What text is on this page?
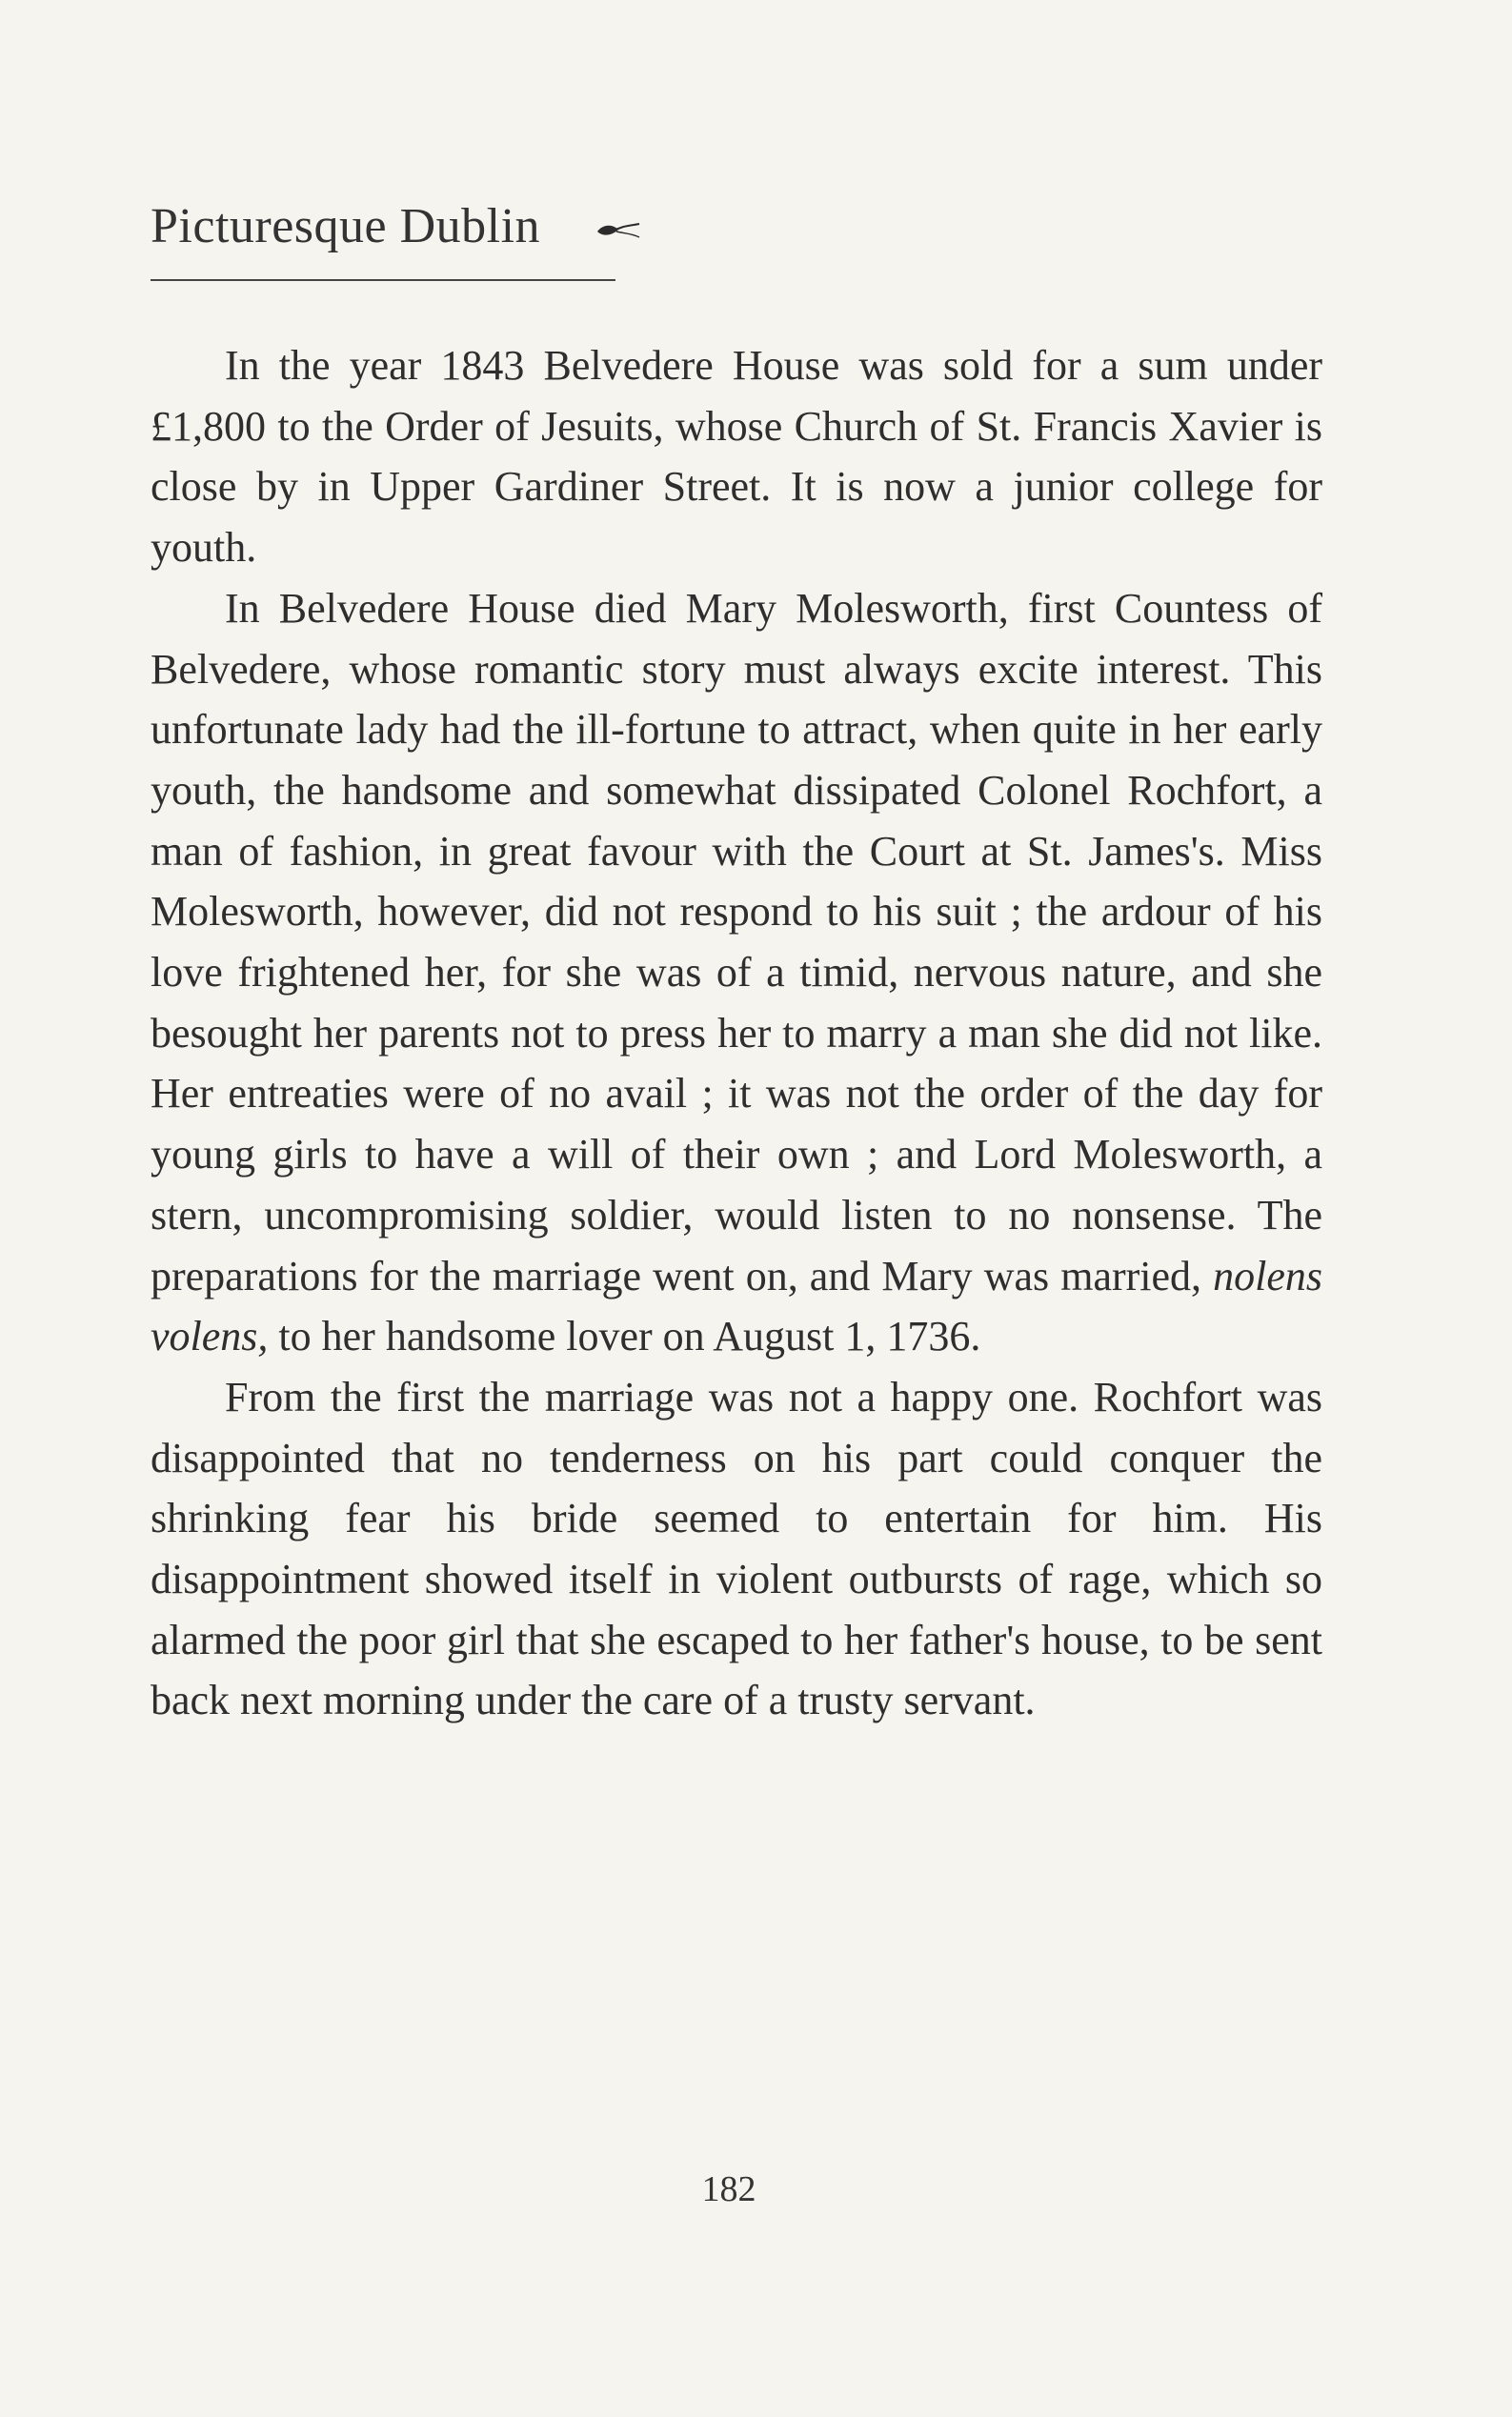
Picturesque Dublin

In the year 1843 Belvedere House was sold for a sum under £1,800 to the Order of Jesuits, whose Church of St. Francis Xavier is close by in Upper Gardiner Street. It is now a junior college for youth.

In Belvedere House died Mary Molesworth, first Countess of Belvedere, whose romantic story must always excite interest. This unfortunate lady had the ill-fortune to attract, when quite in her early youth, the handsome and somewhat dissipated Colonel Rochfort, a man of fashion, in great favour with the Court at St. James's. Miss Molesworth, however, did not respond to his suit ; the ardour of his love frightened her, for she was of a timid, nervous nature, and she besought her parents not to press her to marry a man she did not like. Her entreaties were of no avail ; it was not the order of the day for young girls to have a will of their own ; and Lord Molesworth, a stern, uncompromising soldier, would listen to no nonsense. The preparations for the marriage went on, and Mary was married, nolens volens, to her handsome lover on August 1, 1736.

From the first the marriage was not a happy one. Rochfort was disappointed that no tenderness on his part could conquer the shrinking fear his bride seemed to entertain for him. His disappointment showed itself in violent outbursts of rage, which so alarmed the poor girl that she escaped to her father's house, to be sent back next morning under the care of a trusty servant.

182
